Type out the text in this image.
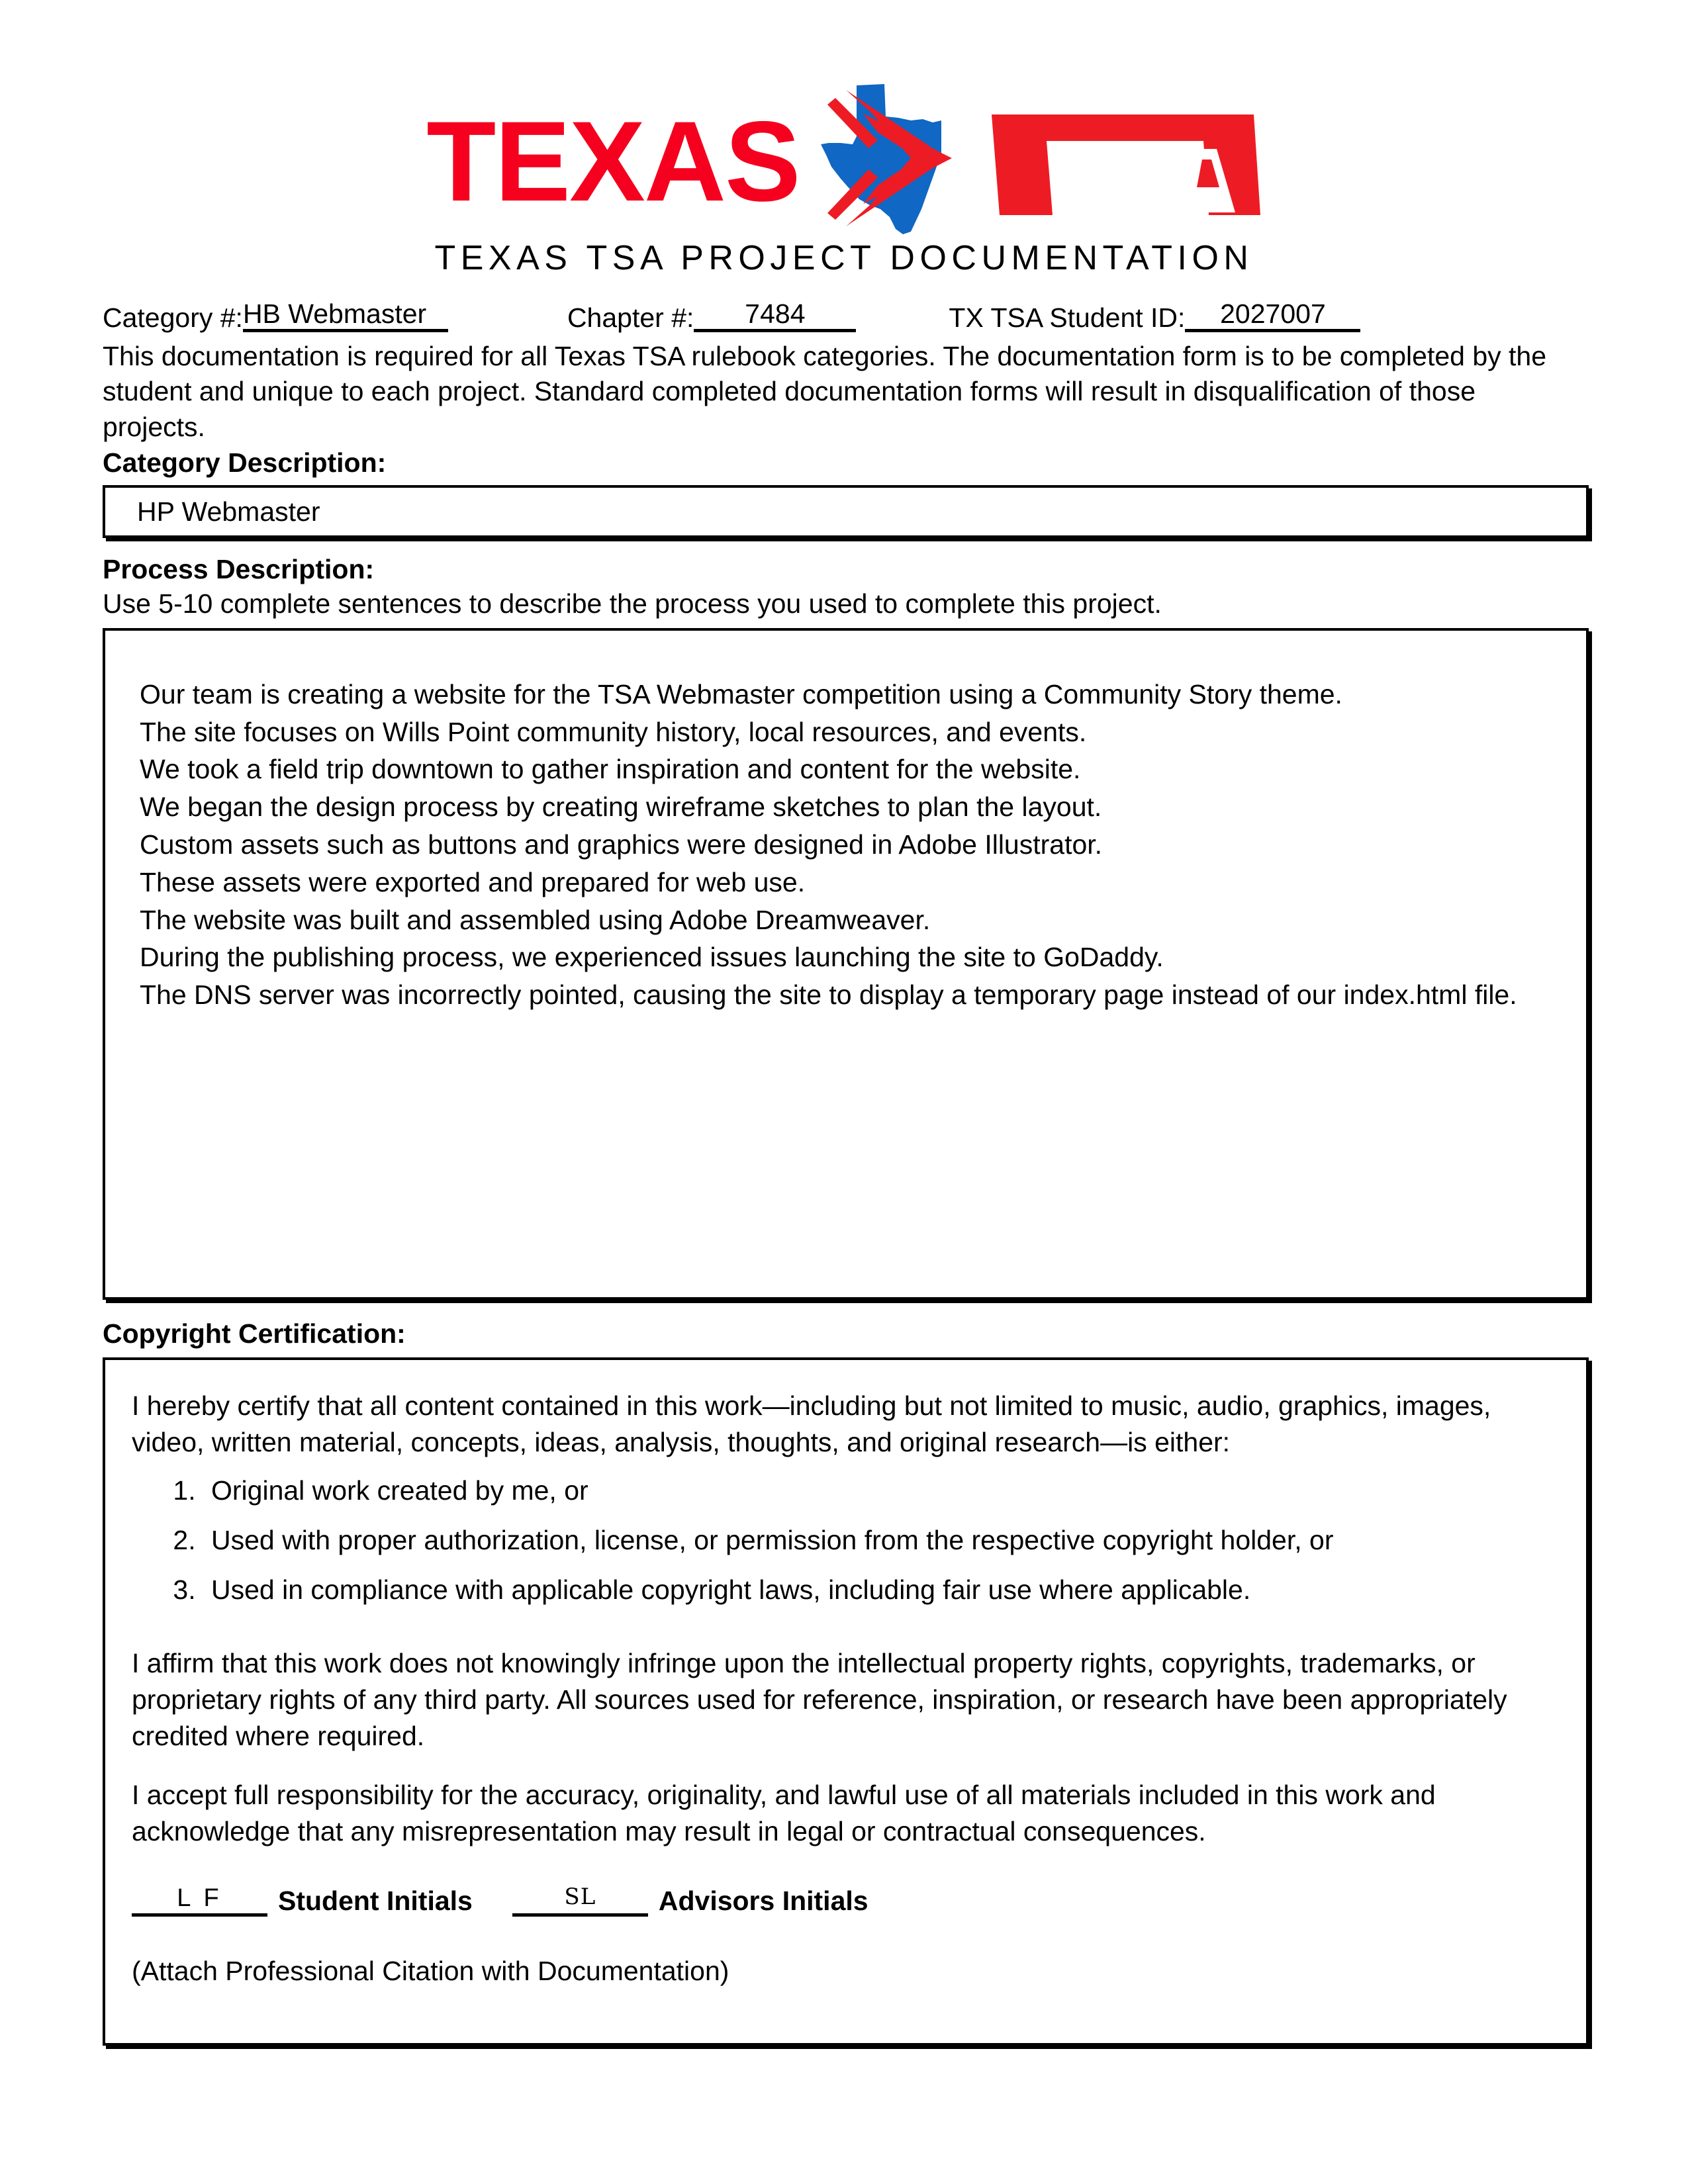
TEXAS
TEXAS TSA PROJECT DOCUMENTATION
Category #: HB Webmaster	Chapter #:	7484	TX TSA Student ID:	2027007

This documentation is required for all Texas TSA rulebook categories. The documentation form is to be completed by the student and unique to each project. Standard completed documentation forms will result in disqualification of those projects.

Category Description:
HP Webmaster
Process Description:
Use 5-10 complete sentences to describe the process you used to complete this project.
Our team is creating a website for the TSA Webmaster competition using a Community Story theme.
The site focuses on Wills Point community history, local resources, and events.
We took a field trip downtown to gather inspiration and content for the website.
We began the design process by creating wireframe sketches to plan the layout.
Custom assets such as buttons and graphics were designed in Adobe Illustrator.
These assets were exported and prepared for web use.
The website was built and assembled using Adobe Dreamweaver.
During the publishing process, we experienced issues launching the site to GoDaddy.
The DNS server was incorrectly pointed, causing the site to display a temporary page instead of our index.html file.
Copyright Certification:

I hereby certify that all content contained in this work—including but not limited to music, audio, graphics, images, video, written material, concepts, ideas, analysis, thoughts, and original research—is either:

1. Original work created by me, or
2. Used with proper authorization, license, or permission from the respective copyright holder, or
3. Used in compliance with applicable copyright laws, including fair use where applicable.

I affirm that this work does not knowingly infringe upon the intellectual property rights, copyrights, trademarks, or proprietary rights of any third party. All sources used for reference, inspiration, or research have been appropriately credited where required.

I accept full responsibility for the accuracy, originality, and lawful use of all materials included in this work and acknowledge that any misrepresentation may result in legal or contractual consequences.

L F Student Initials	SL Advisors Initials
(Attach Professional Citation with Documentation)
